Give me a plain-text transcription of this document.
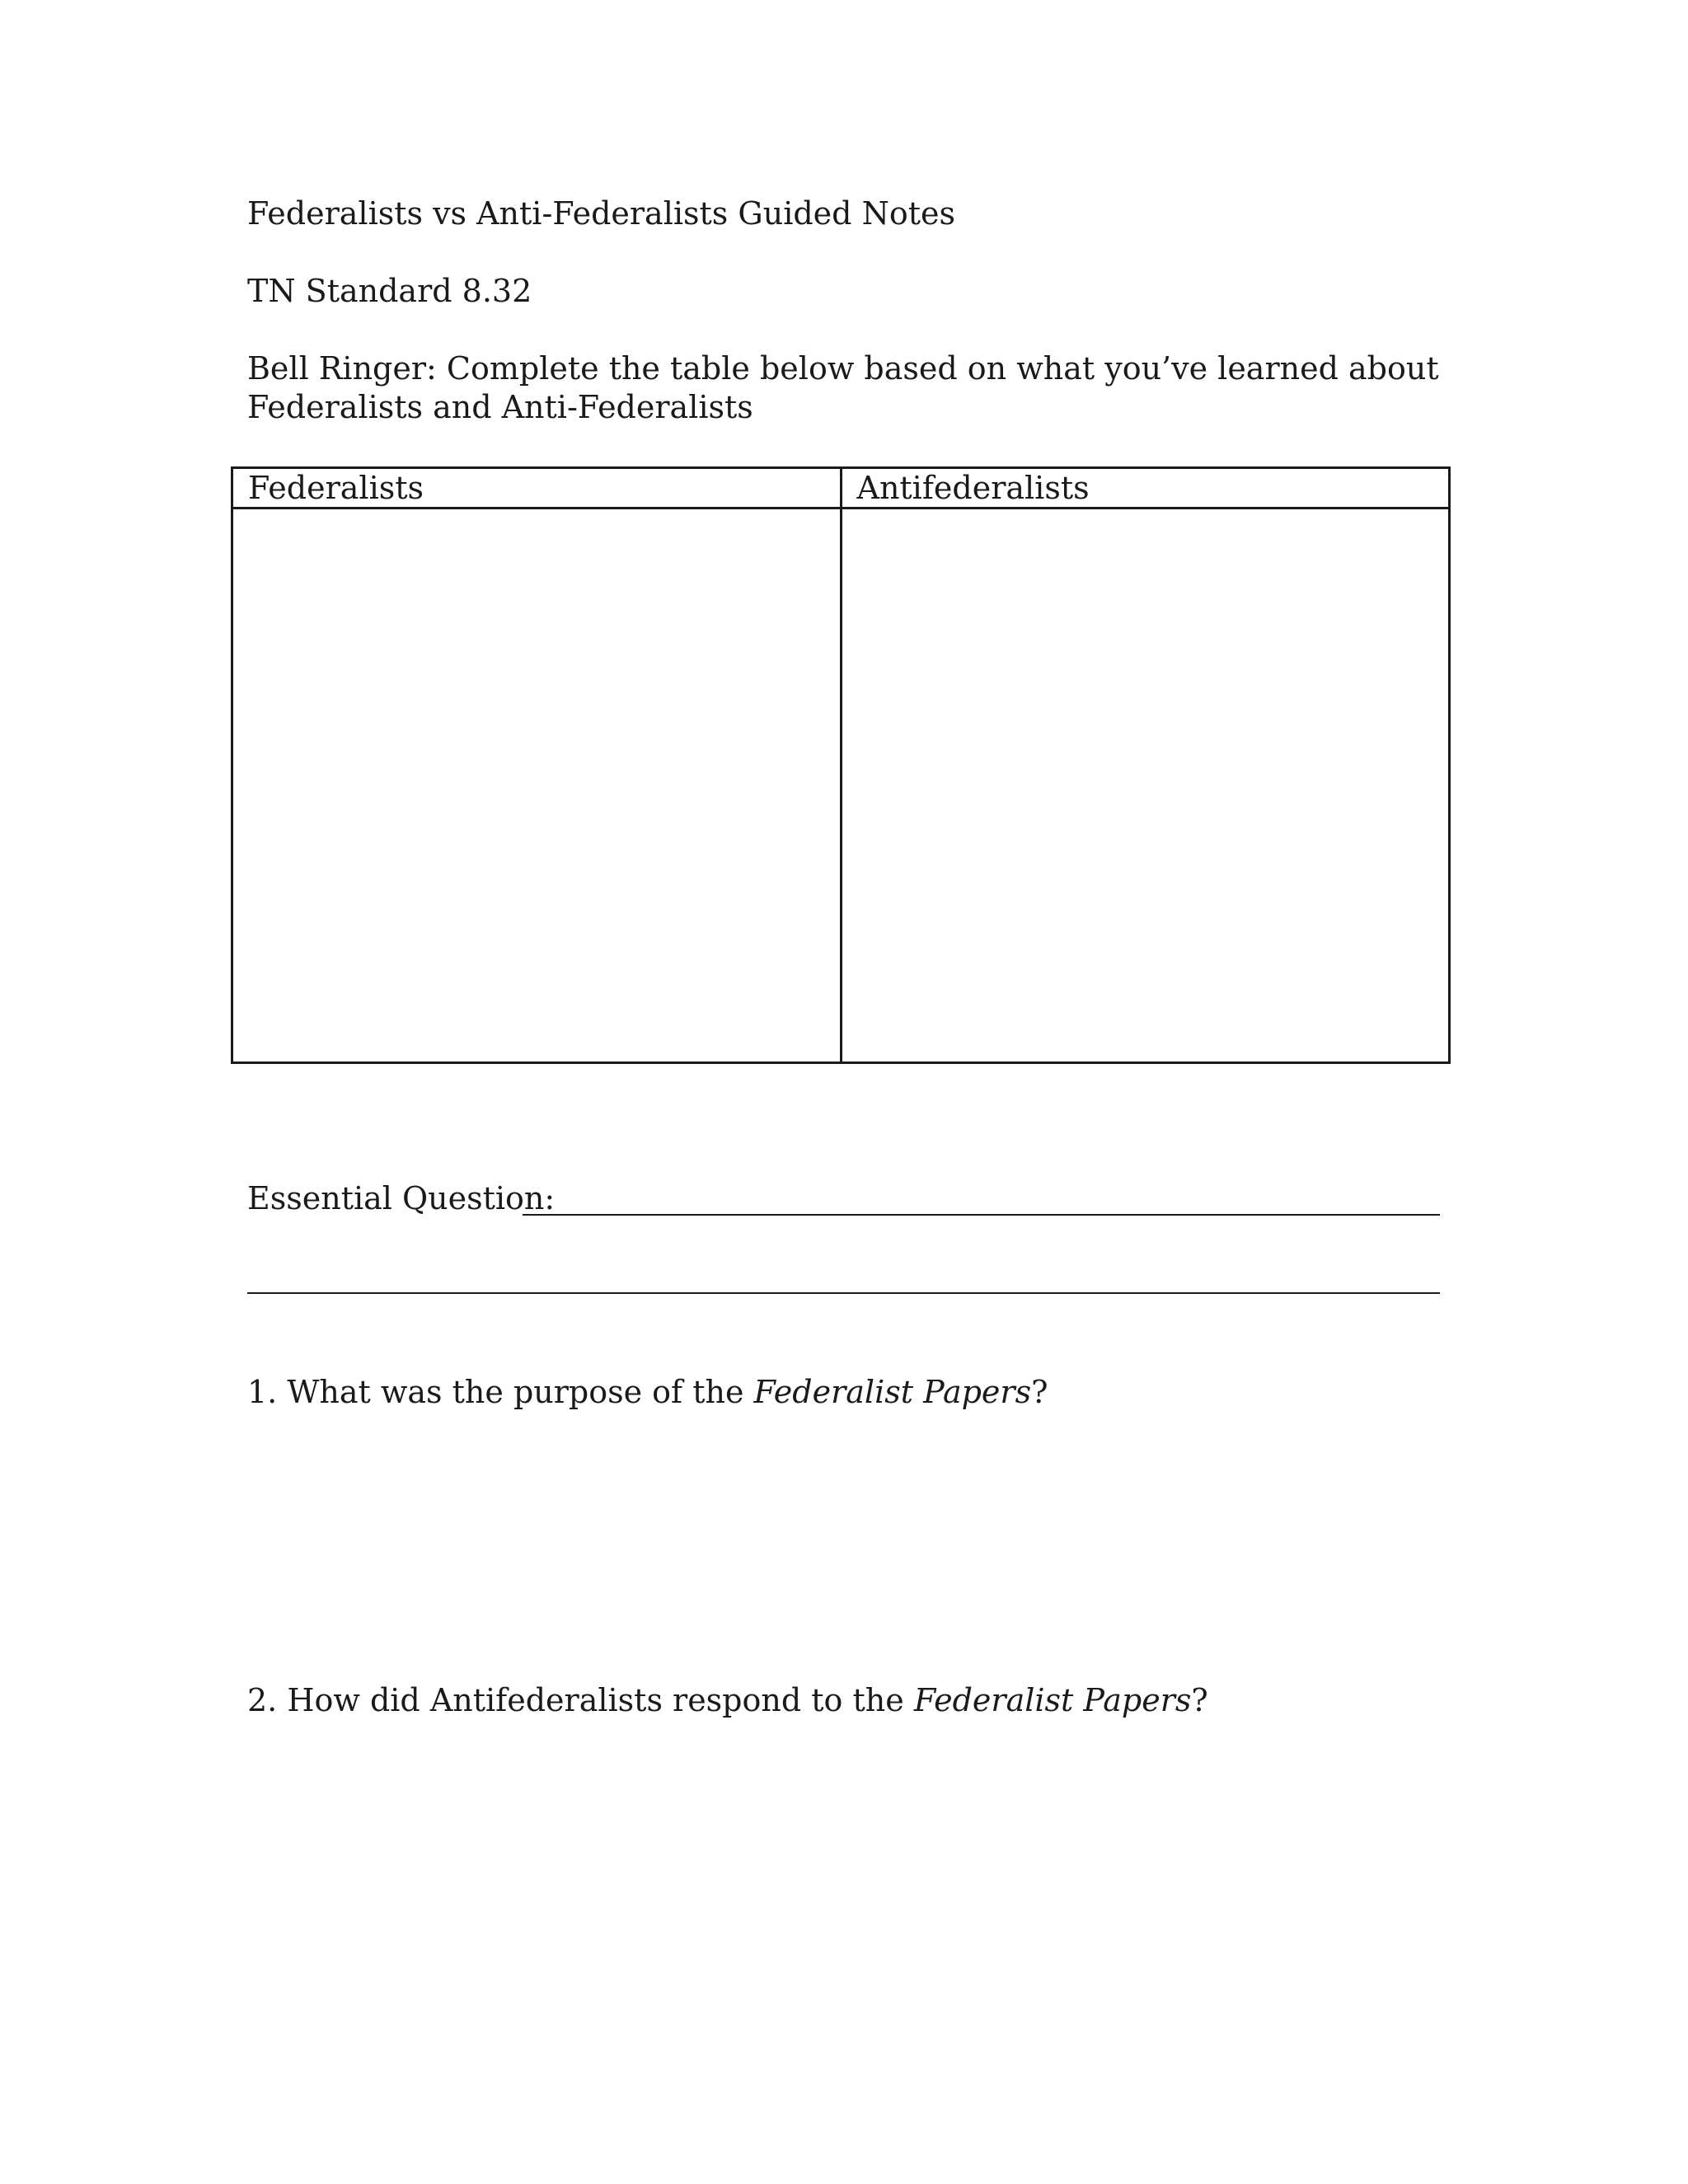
Federalists vs Anti-Federalists Guided Notes
TN Standard 8.32
Bell Ringer: Complete the table below based on what you’ve learned about
Federalists and Anti-Federalists
Federalists	Antifederalists

Essential Question:
1. What was the purpose of the Federalist Papers?
2. How did Antifederalists respond to the Federalist Papers?
